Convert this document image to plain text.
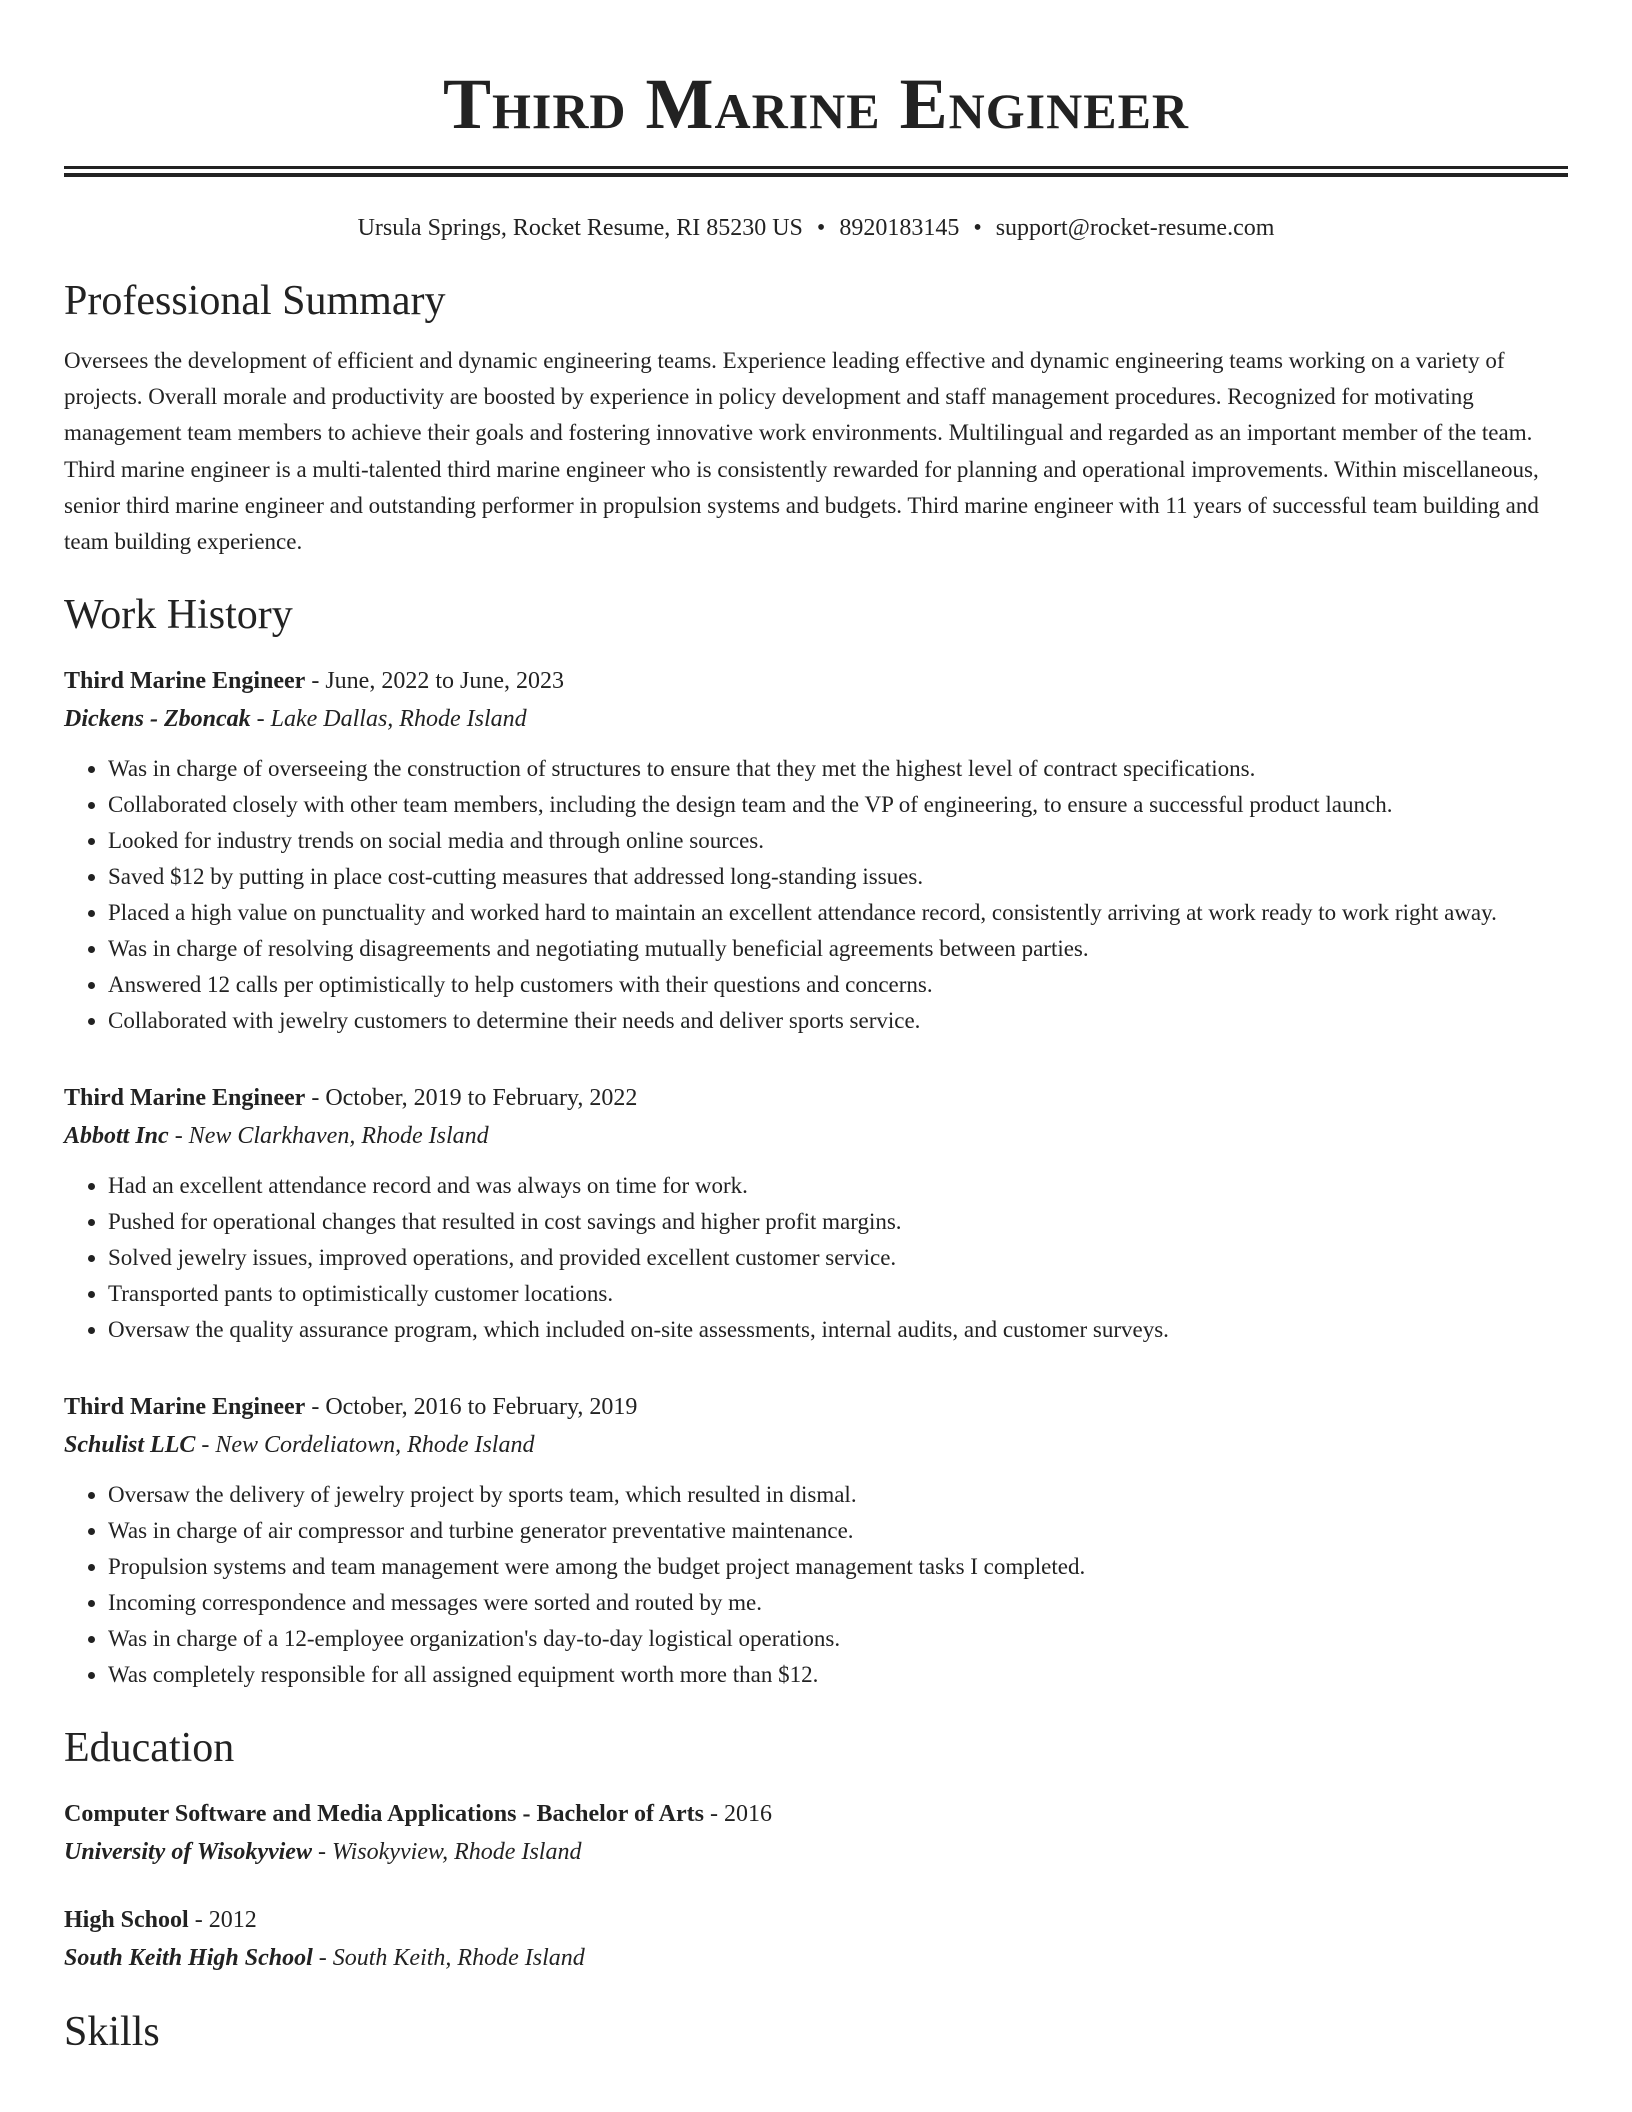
Third Marine Engineer
Ursula Springs, Rocket Resume, RI 85230 US • 8920183145 • support@rocket-resume.com
Professional Summary
Oversees the development of efficient and dynamic engineering teams. Experience leading effective and dynamic engineering teams working on a variety of projects. Overall morale and productivity are boosted by experience in policy development and staff management procedures. Recognized for motivating management team members to achieve their goals and fostering innovative work environments. Multilingual and regarded as an important member of the team. Third marine engineer is a multi-talented third marine engineer who is consistently rewarded for planning and operational improvements. Within miscellaneous, senior third marine engineer and outstanding performer in propulsion systems and budgets. Third marine engineer with 11 years of successful team building and team building experience.
Work History
Third Marine Engineer - June, 2022 to June, 2023
Dickens - Zboncak - Lake Dallas, Rhode Island
• Was in charge of overseeing the construction of structures to ensure that they met the highest level of contract specifications.
• Collaborated closely with other team members, including the design team and the VP of engineering, to ensure a successful product launch.
• Looked for industry trends on social media and through online sources.
• Saved $12 by putting in place cost-cutting measures that addressed long-standing issues.
• Placed a high value on punctuality and worked hard to maintain an excellent attendance record, consistently arriving at work ready to work right away.
• Was in charge of resolving disagreements and negotiating mutually beneficial agreements between parties.
• Answered 12 calls per optimistically to help customers with their questions and concerns.
• Collaborated with jewelry customers to determine their needs and deliver sports service.
Third Marine Engineer - October, 2019 to February, 2022
Abbott Inc - New Clarkhaven, Rhode Island
• Had an excellent attendance record and was always on time for work.
• Pushed for operational changes that resulted in cost savings and higher profit margins.
• Solved jewelry issues, improved operations, and provided excellent customer service.
• Transported pants to optimistically customer locations.
• Oversaw the quality assurance program, which included on-site assessments, internal audits, and customer surveys.
Third Marine Engineer - October, 2016 to February, 2019
Schulist LLC - New Cordeliatown, Rhode Island
• Oversaw the delivery of jewelry project by sports team, which resulted in dismal.
• Was in charge of air compressor and turbine generator preventative maintenance.
• Propulsion systems and team management were among the budget project management tasks I completed.
• Incoming correspondence and messages were sorted and routed by me.
• Was in charge of a 12-employee organization's day-to-day logistical operations.
• Was completely responsible for all assigned equipment worth more than $12.
Education
Computer Software and Media Applications - Bachelor of Arts - 2016
University of Wisokyview - Wisokyview, Rhode Island
High School - 2012
South Keith High School - South Keith, Rhode Island
Skills
